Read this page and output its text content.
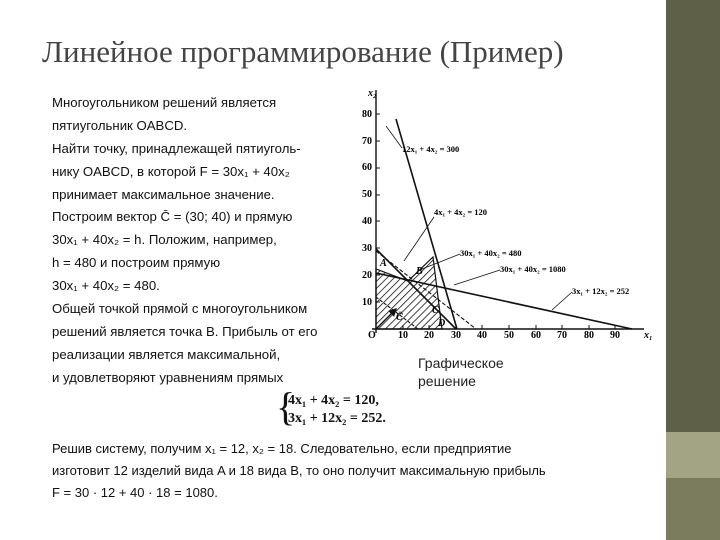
Линейное программирование (Пример)
Многоугольником решений является
пятиугольник OABCD.
Найти точку, принадлежащей пятиуголь-
нику OABCD, в которой F = 30x₁ + 40x₂
принимает максимальное значение.
Построим вектор C̄ = (30; 40) и прямую
30x₁ + 40x₂ = h. Положим, например,
h = 480 и построим прямую
30x₁ + 40x₂ = 480.
Общей точкой прямой с многоугольником
решений является точка B. Прибыль от его
реализации является максимальной,
и удовлетворяют уравнениям прямых
{
4x₁ + 4x₂ = 120,
3x₁ + 12x₂ = 252.
Решив систему, получим x₁ = 12, x₂ = 18. Следовательно, если предприятие
изготовит 12 изделий вида A и 18 вида B, то оно получит максимальную прибыль
F = 30 · 12 + 40 · 18 = 1080.
Графическое
решение
x₂
x₁
O
10
20
30
40
50
60
70
80
10 20 30 40 50 60 70 80 90
12x₁ + 4x₂ = 300
4x₁ + 4x₂ = 120
30x₁ + 40x₂ = 480
30x₁ + 40x₂ = 1080
3x₁ + 12x₂ = 252
A
B
C
D
C̄
